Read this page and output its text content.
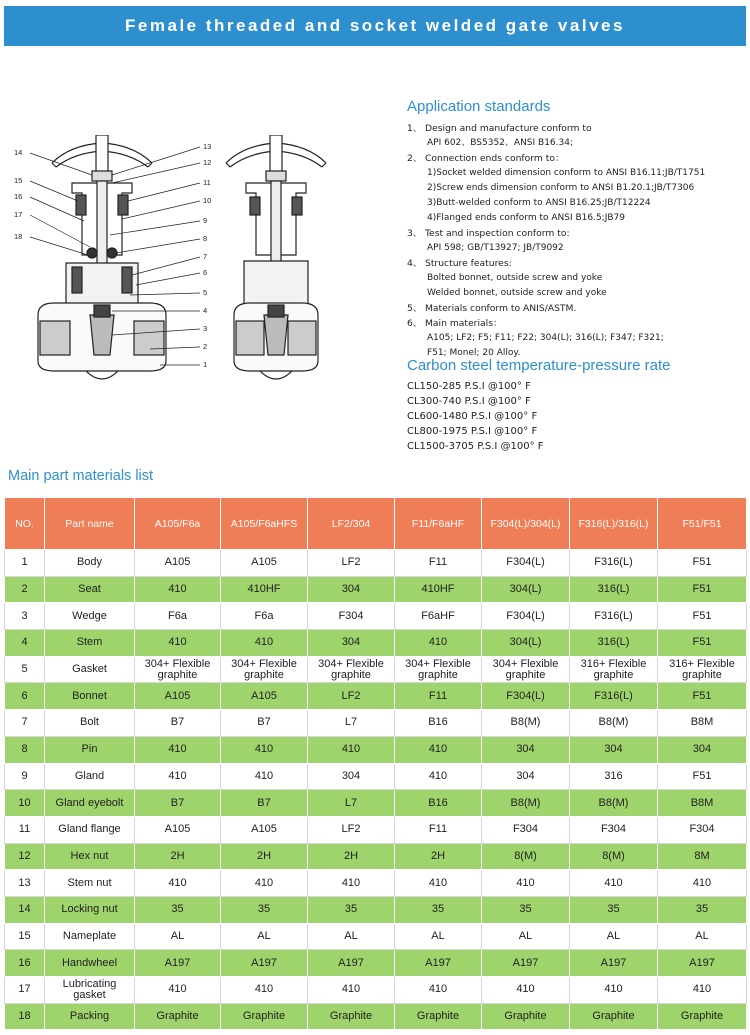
Female threaded and socket welded gate valves
14
15
16
17
18
13
12
11
10
9
8
7
6
5
4
3
2
1
Application standards
1、 Design and manufacture conform to
API 602、BS5352、ANSI B16.34;
2、 Connection ends conform to：
1)Socket welded dimension conform to ANSI B16.11;JB/T1751
2)Screw ends dimension conform to ANSI B1.20.1;JB/T7306
3)Butt-welded conform to ANSI B16.25;JB/T12224
4)Flanged ends conform to ANSI B16.5;JB79
3、 Test and inspection conform to:
API 598; GB/T13927; JB/T9092
4、 Structure features:
Bolted bonnet, outside screw and yoke
Welded bonnet, outside screw and yoke
5、 Materials conform to ANIS/ASTM.
6、 Main materials：
A105; LF2; F5; F11; F22; 304(L); 316(L); F347; F321;
F51; Monel; 20 Alloy.
Carbon steel temperature-pressure rate
CL150-285 P.S.I @100° F
CL300-740 P.S.I @100° F
CL600-1480 P.S.I @100° F
CL800-1975 P.S.I @100° F
CL1500-3705 P.S.I @100° F
Main part materials list
NO.	Part name	A105/F6a	A105/F6aHFS	LF2/304	F11/F6aHF	F304(L)/304(L)	F316(L)/316(L)	F51/F51
1	Body	A105	A105	LF2	F11	F304(L)	F316(L)	F51
2	Seat	410	410HF	304	410HF	304(L)	316(L)	F51
3	Wedge	F6a	F6a	F304	F6aHF	F304(L)	F316(L)	F51
4	Stem	410	410	304	410	304(L)	316(L)	F51
5	Gasket	304+ Flexible graphite	304+ Flexible graphite	304+ Flexible graphite	304+ Flexible graphite	304+ Flexible graphite	316+ Flexible graphite	316+ Flexible graphite
6	Bonnet	A105	A105	LF2	F11	F304(L)	F316(L)	F51
7	Bolt	B7	B7	L7	B16	B8(M)	B8(M)	B8M
8	Pin	410	410	410	410	304	304	304
9	Gland	410	410	304	410	304	316	F51
10	Gland eyebolt	B7	B7	L7	B16	B8(M)	B8(M)	B8M
11	Gland flange	A105	A105	LF2	F11	F304	F304	F304
12	Hex nut	2H	2H	2H	2H	8(M)	8(M)	8M
13	Stem nut	410	410	410	410	410	410	410
14	Locking nut	35	35	35	35	35	35	35
15	Nameplate	AL	AL	AL	AL	AL	AL	AL
16	Handwheel	A197	A197	A197	A197	A197	A197	A197
17	Lubricating gasket	410	410	410	410	410	410	410
18	Packing	Graphite	Graphite	Graphite	Graphite	Graphite	Graphite	Graphite
